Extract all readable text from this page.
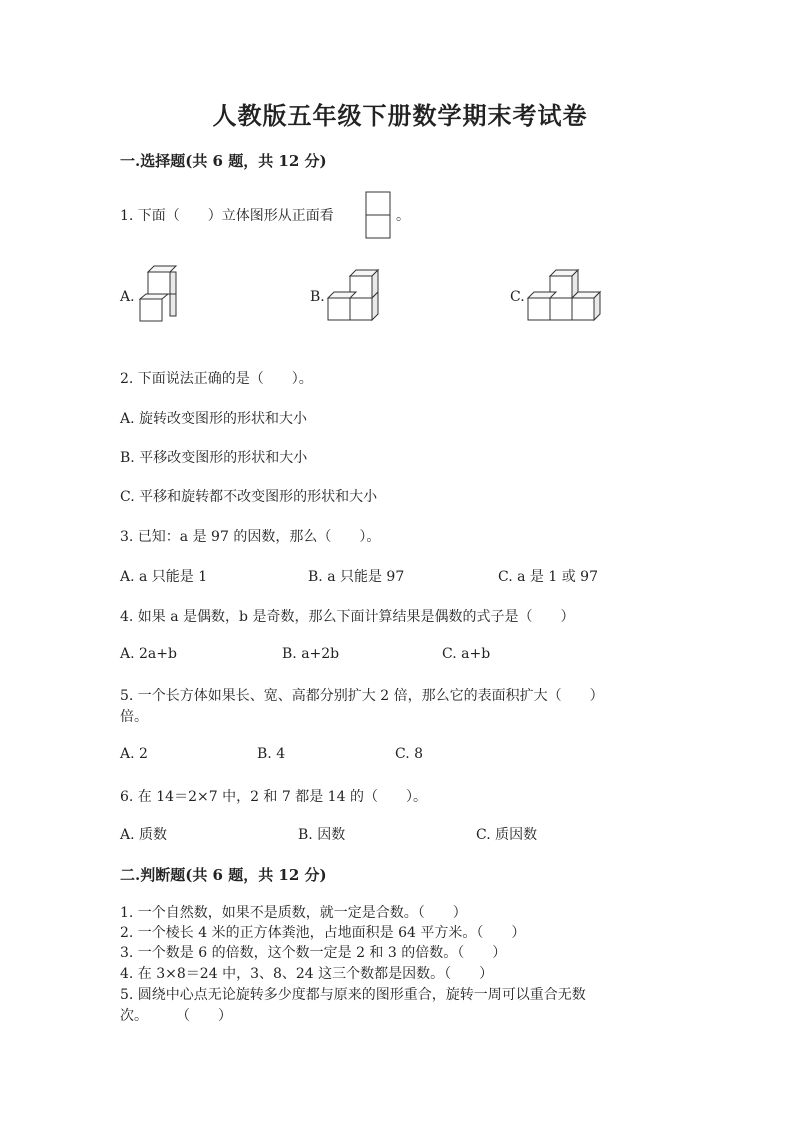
人教版五年级下册数学期末考试卷
一.选择题(共 6 题，共 12 分)
1. 下面（　　）立体图形从正面看	。
A.	B.	C.
2. 下面说法正确的是（　　）。
A. 旋转改变图形的形状和大小
B. 平移改变图形的形状和大小
C. 平移和旋转都不改变图形的形状和大小
3. 已知：a 是 97 的因数，那么（　　）。
A. a 只能是 1	B. a 只能是 97	C. a 是 1 或 97
4. 如果 a 是偶数，b 是奇数，那么下面计算结果是偶数的式子是（　　）
A. 2a+b	B. a+2b	C. a+b
5. 一个长方体如果长、宽、高都分别扩大 2 倍，那么它的表面积扩大（　　）
倍。
A. 2	B. 4	C. 8
6. 在 14＝2×7 中，2 和 7 都是 14 的（　　）。
A. 质数	B. 因数	C. 质因数
二.判断题(共 6 题，共 12 分)
1. 一个自然数，如果不是质数，就一定是合数。（　　）
2. 一个棱长 4 米的正方体粪池，占地面积是 64 平方米。（　　）
3. 一个数是 6 的倍数，这个数一定是 2 和 3 的倍数。（　　）
4. 在 3×8＝24 中，3、8、24 这三个数都是因数。（　　）
5. 圆绕中心点无论旋转多少度都与原来的图形重合，旋转一周可以重合无数
次。　　　（　　）
